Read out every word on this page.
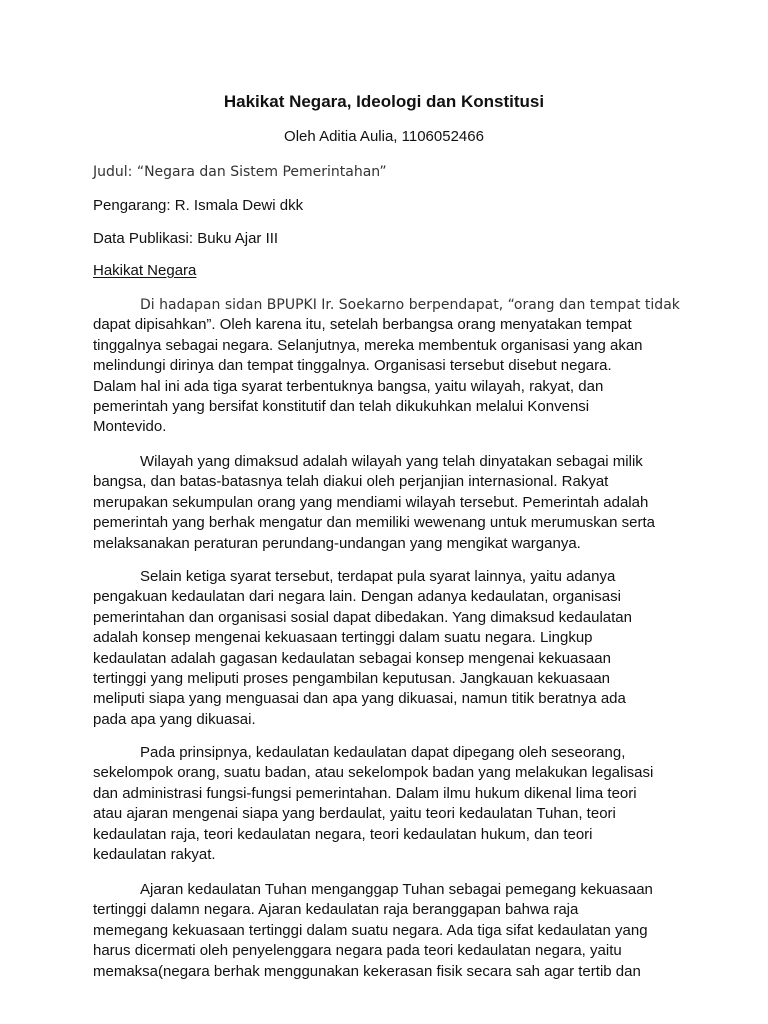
Hakikat Negara, Ideologi dan Konstitusi
Oleh Aditia Aulia, 1106052466
Judul: “Negara dan Sistem Pemerintahan”
Pengarang: R. Ismala Dewi dkk
Data Publikasi: Buku Ajar III
Hakikat Negara
Di hadapan sidan BPUPKI Ir. Soekarno berpendapat, “orang dan tempat tidak
dapat dipisahkan”. Oleh karena itu, setelah berbangsa orang menyatakan tempat
tinggalnya sebagai negara. Selanjutnya, mereka membentuk organisasi yang akan
melindungi dirinya dan tempat tinggalnya. Organisasi tersebut disebut negara.
Dalam hal ini ada tiga syarat terbentuknya bangsa, yaitu wilayah, rakyat, dan
pemerintah yang bersifat konstitutif dan telah dikukuhkan melalui Konvensi
Montevido.
Wilayah yang dimaksud adalah wilayah yang telah dinyatakan sebagai milik
bangsa, dan batas-batasnya telah diakui oleh perjanjian internasional. Rakyat
merupakan sekumpulan orang yang mendiami wilayah tersebut. Pemerintah adalah
pemerintah yang berhak mengatur dan memiliki wewenang untuk merumuskan serta
melaksanakan peraturan perundang-undangan yang mengikat warganya.
Selain ketiga syarat tersebut, terdapat pula syarat lainnya, yaitu adanya
pengakuan kedaulatan dari negara lain. Dengan adanya kedaulatan, organisasi
pemerintahan dan organisasi sosial dapat dibedakan. Yang dimaksud kedaulatan
adalah konsep mengenai kekuasaan tertinggi dalam suatu negara. Lingkup
kedaulatan adalah gagasan kedaulatan sebagai konsep mengenai kekuasaan
tertinggi yang meliputi proses pengambilan keputusan. Jangkauan kekuasaan
meliputi siapa yang menguasai dan apa yang dikuasai, namun titik beratnya ada
pada apa yang dikuasai.
Pada prinsipnya, kedaulatan kedaulatan dapat dipegang oleh seseorang,
sekelompok orang, suatu badan, atau sekelompok badan yang melakukan legalisasi
dan administrasi fungsi-fungsi pemerintahan. Dalam ilmu hukum dikenal lima teori
atau ajaran mengenai siapa yang berdaulat, yaitu teori kedaulatan Tuhan, teori
kedaulatan raja, teori kedaulatan negara, teori kedaulatan hukum, dan teori
kedaulatan rakyat.
Ajaran kedaulatan Tuhan menganggap Tuhan sebagai pemegang kekuasaan
tertinggi dalamn negara. Ajaran kedaulatan raja beranggapan bahwa raja
memegang kekuasaan tertinggi dalam suatu negara. Ada tiga sifat kedaulatan yang
harus dicermati oleh penyelenggara negara pada teori kedaulatan negara, yaitu
memaksa(negara berhak menggunakan kekerasan fisik secara sah agar tertib dan
